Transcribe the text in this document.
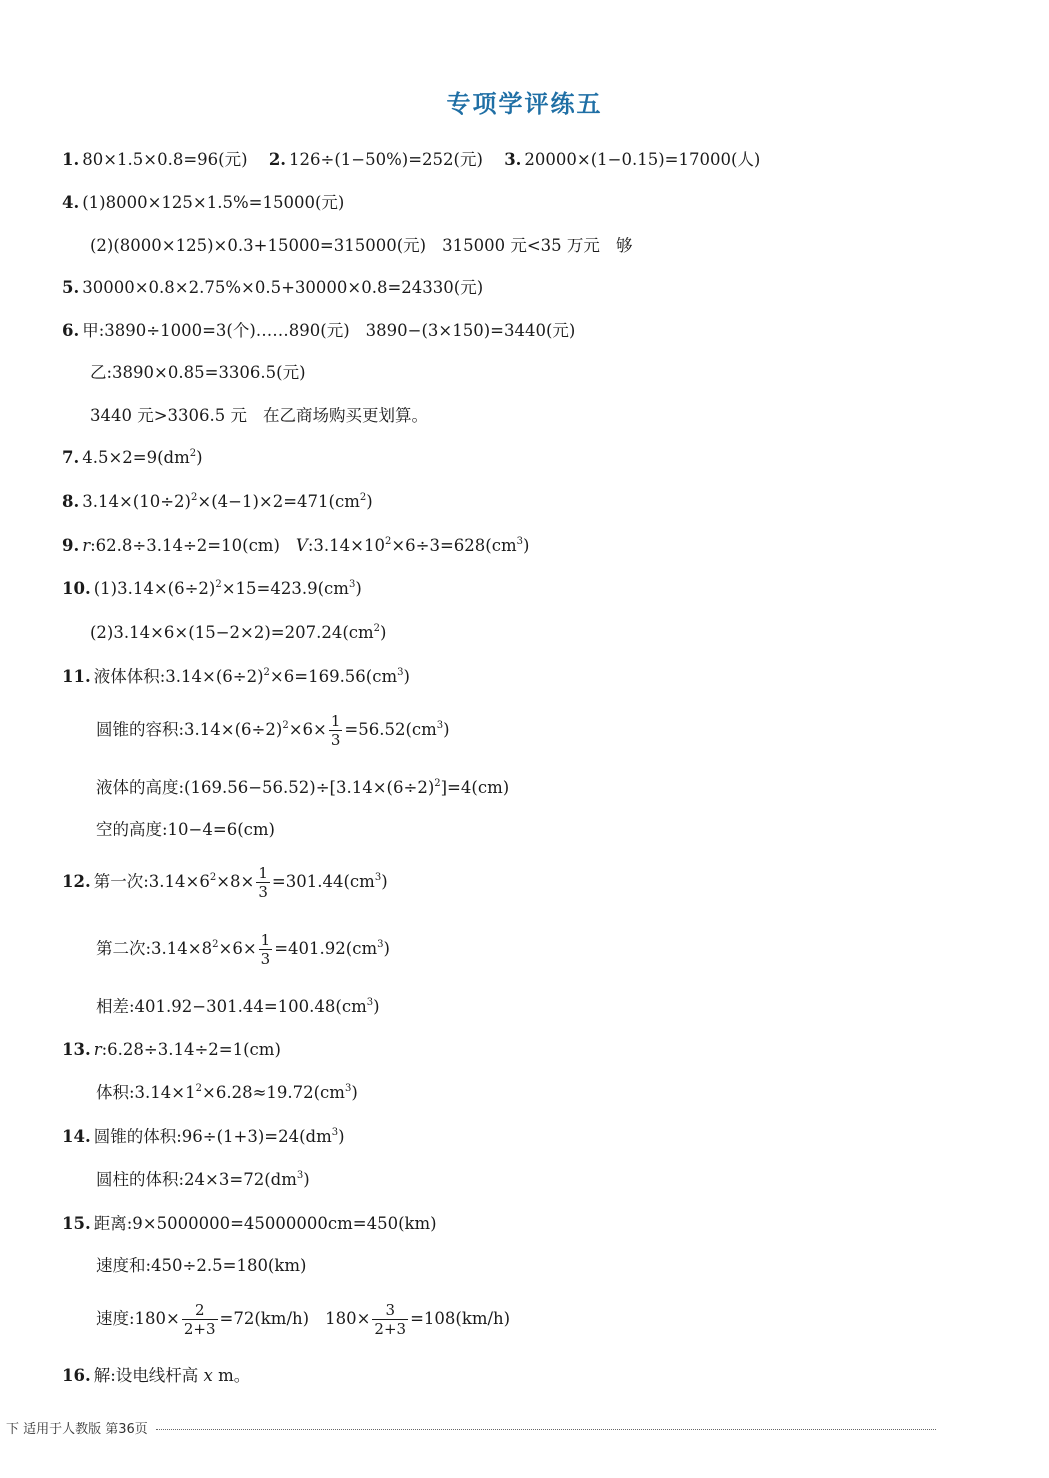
专项学评练五
1. 80×1.5×0.8=96(元) 2. 126÷(1−50%)=252(元) 3. 20000×(1−0.15)=17000(人)
4. (1)8000×125×1.5%=15000(元)
(2)(8000×125)×0.3+15000=315000(元) 315000 元<35 万元 够
5. 30000×0.8×2.75%×0.5+30000×0.8=24330(元)
6. 甲:3890÷1000=3(个)……890(元) 3890−(3×150)=3440(元)
乙:3890×0.85=3306.5(元)
3440 元>3306.5 元 在乙商场购买更划算。
7. $4.5\times 2=9(dm^2)$
8. $3.14\times(10\div 2)^2\times(4-1)\times 2=471(cm^2)$
9. r:62.8÷3.14÷2=10(cm) $V:3.14\times 10^2\times 6\div 3=628(cm^3)$
10. $(1)3.14\times(6\div 2)^2\times 15=423.9(cm^3)$
$(2)3.14\times 6\times(15-2\times 2)=207.24(cm^2)$
11. 液体体积$:3.14\times(6\div 2)^2\times 6=169.56(cm^3)$
圆锥的容积$:3.14\times(6\div 2)^2\times 6\times \frac{1}{3} =56.52(cm^3)$
液体的高度$:(169.56-56.52)\div[3.14\times(6\div 2)^2]=4(cm)$
空的高度:10−4=6(cm)
12. 第一次$:3.14\times 6^2\times 8\times \frac{1}{3} =301.44(cm^3)$
第二次$:3.14\times 8^2\times 6\times \frac{1}{3} =401.92(cm^3)$
相差$:401.92-301.44=100.48(cm^3)$
13. r:6.28÷3.14÷2=1(cm)
体积$:3.14\times 1^2\times 6.28\approx 19.72(cm^3)$
14. 圆锥的体积$:96\div(1+3)=24(dm^3)$
圆柱的体积$:24\times 3=72(dm^3)$
15. 距离:9×5000000=45000000cm=450(km)
速度和:450÷2.5=180(km)
速度:180× $\frac{2}{2+3} =72(km/h)$ $180\times \frac{3}{2+3} =108(km/h)$
16. 解:设电线杆高 x m。
下 适用于人教版 第36页
